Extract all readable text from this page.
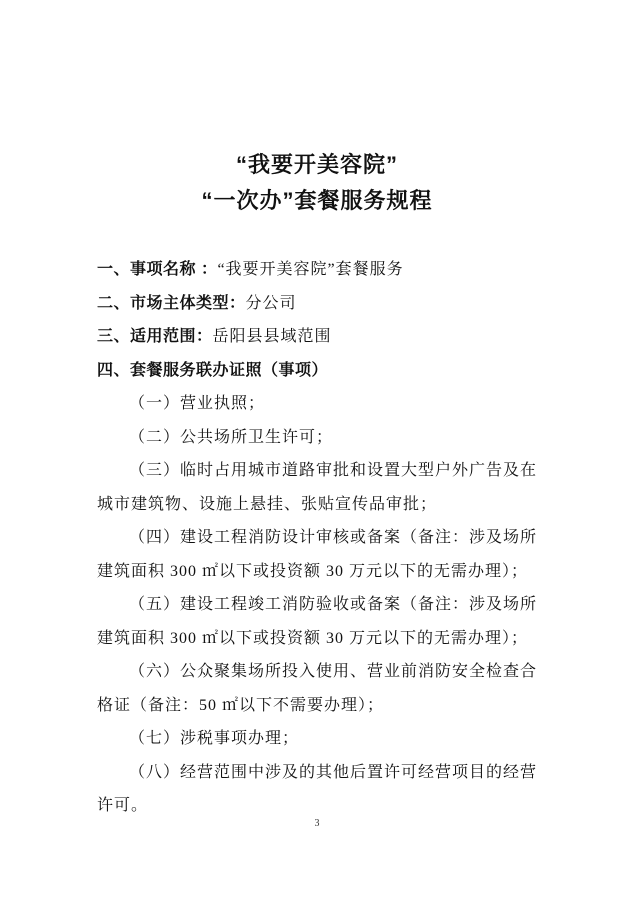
“我要开美容院”
“一次办”套餐服务规程

一、事项名称 ：“我要开美容院”套餐服务

二、市场主体类型：分公司

三、适用范围：岳阳县县域范围

四、套餐服务联办证照（事项）

（一）营业执照；

（二）公共场所卫生许可；

（三）临时占用城市道路审批和设置大型户外广告及在城市建筑物、设施上悬挂、张贴宣传品审批；

（四）建设工程消防设计审核或备案（备注：涉及场所建筑面积 300 ㎡以下或投资额 30 万元以下的无需办理）；

（五）建设工程竣工消防验收或备案（备注：涉及场所建筑面积 300 ㎡以下或投资额 30 万元以下的无需办理）；

（六）公众聚集场所投入使用、营业前消防安全检查合格证（备注：50 ㎡以下不需要办理）；

（七）涉税事项办理；

（八）经营范围中涉及的其他后置许可经营项目的经营许可。

3
